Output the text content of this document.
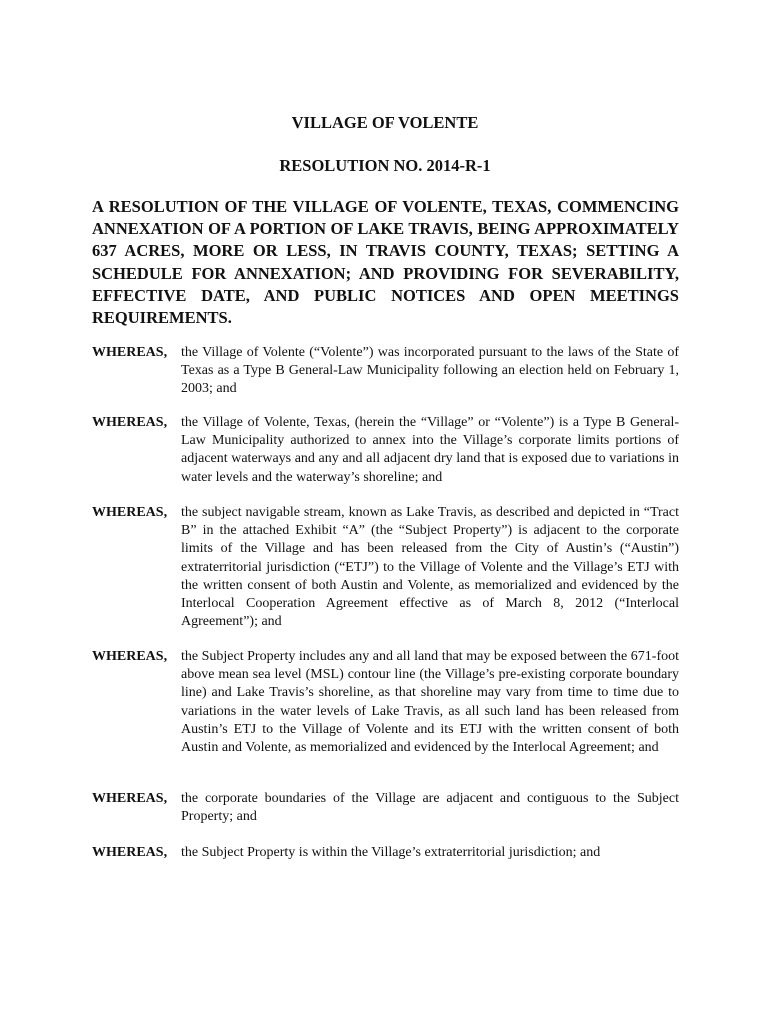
VILLAGE OF VOLENTE
RESOLUTION NO. 2014-R-1

A RESOLUTION OF THE VILLAGE OF VOLENTE, TEXAS, COMMENCING ANNEXATION OF A PORTION OF LAKE TRAVIS, BEING APPROXIMATELY 637 ACRES, MORE OR LESS, IN TRAVIS COUNTY, TEXAS; SETTING A SCHEDULE FOR ANNEXATION; AND PROVIDING FOR SEVERABILITY, EFFECTIVE DATE, AND PUBLIC NOTICES AND OPEN MEETINGS REQUIREMENTS.

WHEREAS, the Village of Volente (“Volente”) was incorporated pursuant to the laws of the State of Texas as a Type B General-Law Municipality following an election held on February 1, 2003; and

WHEREAS, the Village of Volente, Texas, (herein the “Village” or “Volente”) is a Type B General-Law Municipality authorized to annex into the Village’s corporate limits portions of adjacent waterways and any and all adjacent dry land that is exposed due to variations in water levels and the waterway’s shoreline; and

WHEREAS, the subject navigable stream, known as Lake Travis, as described and depicted in “Tract B” in the attached Exhibit “A” (the “Subject Property”) is adjacent to the corporate limits of the Village and has been released from the City of Austin’s (“Austin”) extraterritorial jurisdiction (“ETJ”) to the Village of Volente and the Village’s ETJ with the written consent of both Austin and Volente, as memorialized and evidenced by the Interlocal Cooperation Agreement effective as of March 8, 2012 (“Interlocal Agreement”); and

WHEREAS, the Subject Property includes any and all land that may be exposed between the 671-foot above mean sea level (MSL) contour line (the Village’s pre-existing corporate boundary line) and Lake Travis’s shoreline, as that shoreline may vary from time to time due to variations in the water levels of Lake Travis, as all such land has been released from Austin’s ETJ to the Village of Volente and its ETJ with the written consent of both Austin and Volente, as memorialized and evidenced by the Interlocal Agreement; and

WHEREAS, the corporate boundaries of the Village are adjacent and contiguous to the Subject Property; and

WHEREAS, the Subject Property is within the Village’s extraterritorial jurisdiction; and
